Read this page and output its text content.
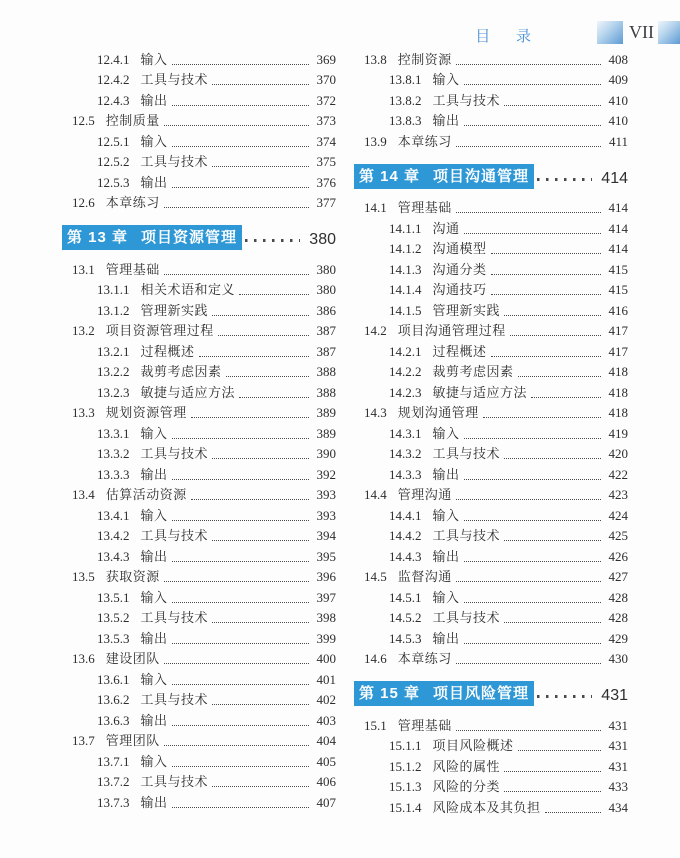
目 录	VII
12.4.1 输入	369
12.4.2 工具与技术	370
12.4.3 输出	372
12.5 控制质量	373
12.5.1 输入	374
12.5.2 工具与技术	375
12.5.3 输出	376
12.6 本章练习	377
第 13 章 项目资源管理	380
13.1 管理基础	380
13.1.1 相关术语和定义	380
13.1.2 管理新实践	386
13.2 项目资源管理过程	387
13.2.1 过程概述	387
13.2.2 裁剪考虑因素	388
13.2.3 敏捷与适应方法	388
13.3 规划资源管理	389
13.3.1 输入	389
13.3.2 工具与技术	390
13.3.3 输出	392
13.4 估算活动资源	393
13.4.1 输入	393
13.4.2 工具与技术	394
13.4.3 输出	395
13.5 获取资源	396
13.5.1 输入	397
13.5.2 工具与技术	398
13.5.3 输出	399
13.6 建设团队	400
13.6.1 输入	401
13.6.2 工具与技术	402
13.6.3 输出	403
13.7 管理团队	404
13.7.1 输入	405
13.7.2 工具与技术	406
13.7.3 输出	407
13.8 控制资源	408
13.8.1 输入	409
13.8.2 工具与技术	410
13.8.3 输出	410
13.9 本章练习	411
第 14 章 项目沟通管理	414
14.1 管理基础	414
14.1.1 沟通	414
14.1.2 沟通模型	414
14.1.3 沟通分类	415
14.1.4 沟通技巧	415
14.1.5 管理新实践	416
14.2 项目沟通管理过程	417
14.2.1 过程概述	417
14.2.2 裁剪考虑因素	418
14.2.3 敏捷与适应方法	418
14.3 规划沟通管理	418
14.3.1 输入	419
14.3.2 工具与技术	420
14.3.3 输出	422
14.4 管理沟通	423
14.4.1 输入	424
14.4.2 工具与技术	425
14.4.3 输出	426
14.5 监督沟通	427
14.5.1 输入	428
14.5.2 工具与技术	428
14.5.3 输出	429
14.6 本章练习	430
第 15 章 项目风险管理	431
15.1 管理基础	431
15.1.1 项目风险概述	431
15.1.2 风险的属性	431
15.1.3 风险的分类	433
15.1.4 风险成本及其负担	434
